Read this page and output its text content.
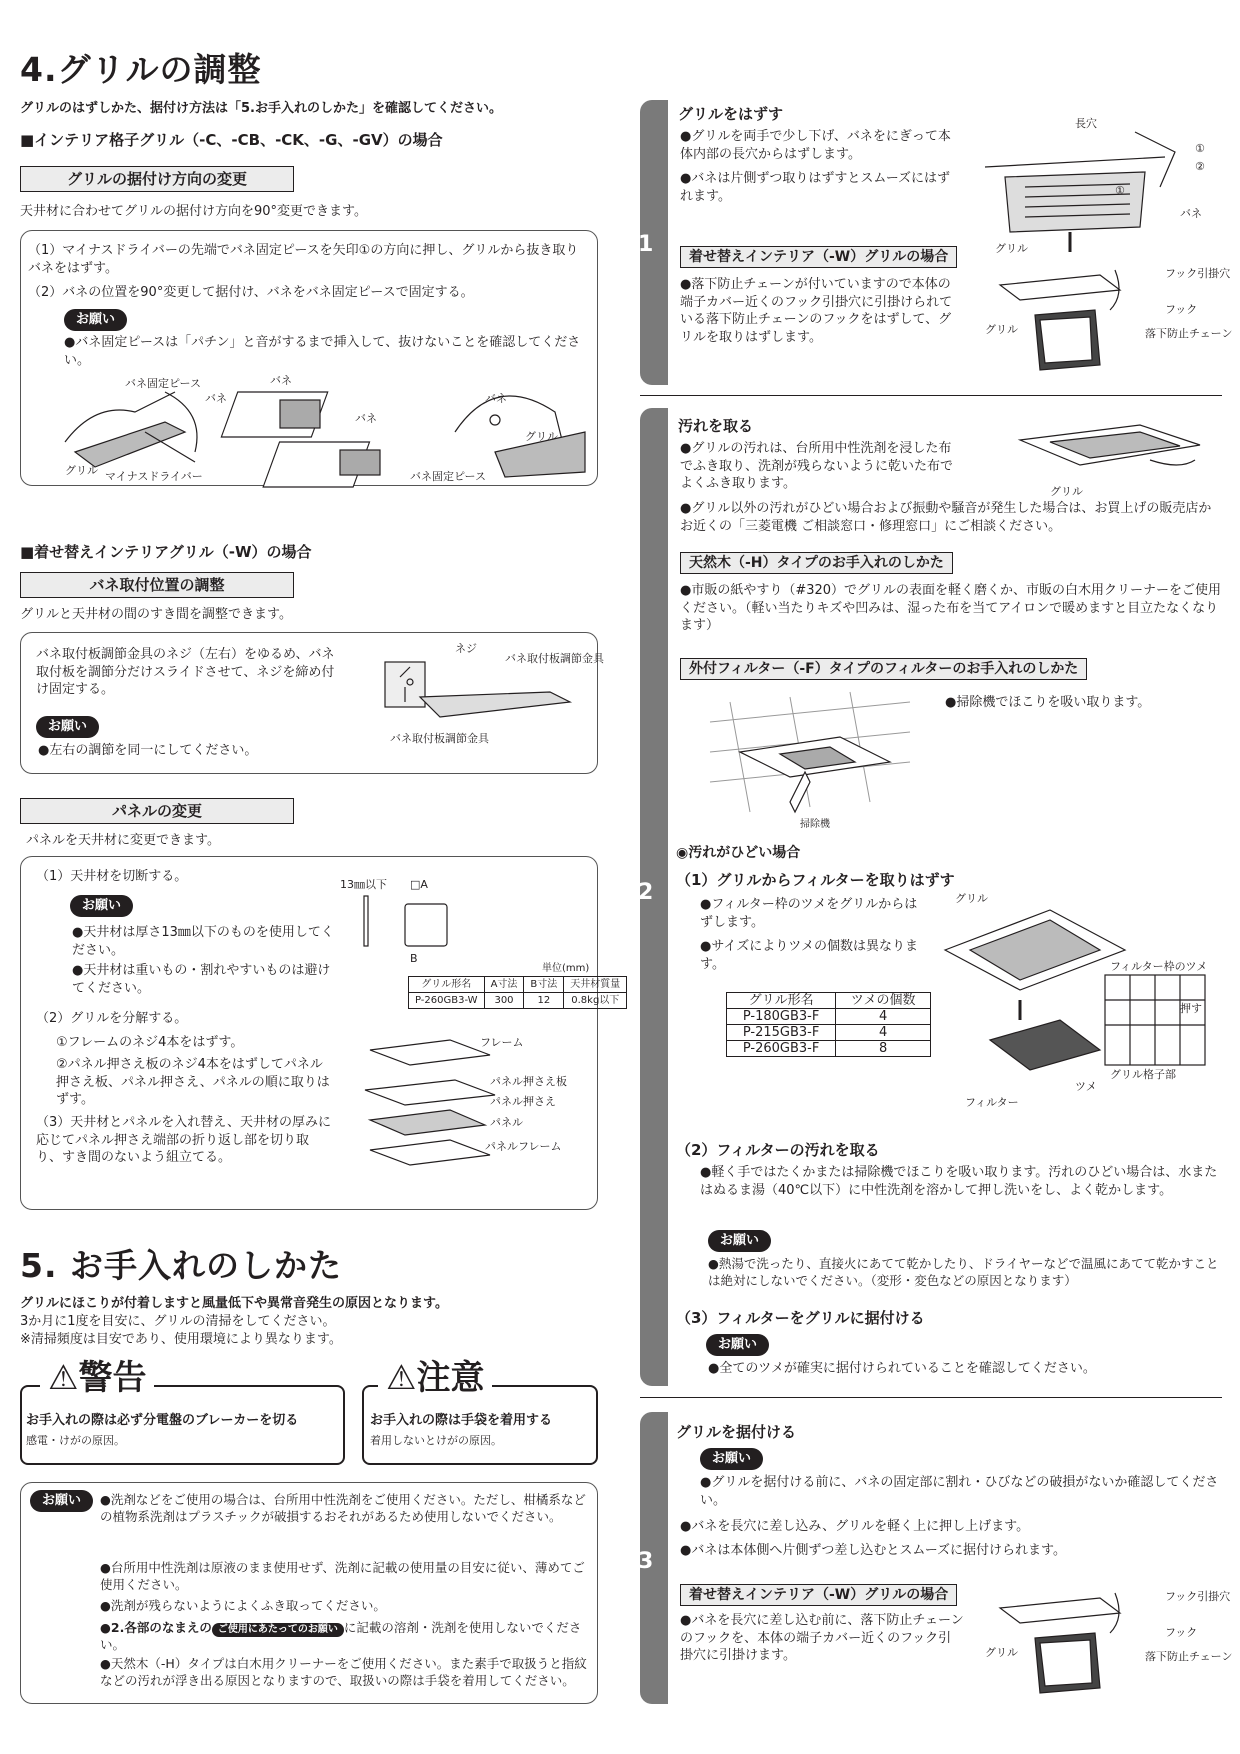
4.グリルの調整
グリルのはずしかた、据付け方法は「5.お手入れのしかた」を確認してください。
■インテリア格子グリル（-C、-CB、-CK、-G、-GV）の場合
グリルの据付け方向の変更
天井材に合わせてグリルの据付け方向を90°変更できます。
（1）マイナスドライバーの先端でバネ固定ピースを矢印①の方向に押し、グリルから抜き取りバネをはずす。
（2）バネの位置を90°変更して据付け、バネをバネ固定ピースで固定する。
お願い
●バネ固定ピースは「パチン」と音がするまで挿入して、抜けないことを確認してください。
バネ固定ピース
バネ
グリル マイナスドライバー
バネ
バネ
バネ
グリル
バネ固定ピース
■着せ替えインテリアグリル（-W）の場合
バネ取付位置の調整
グリルと天井材の間のすき間を調整できます。
バネ取付板調節金具のネジ（左右）をゆるめ、バネ取付板を調節分だけスライドさせて、ネジを締め付け固定する。
お願い
●左右の調節を同一にしてください。
ネジ
バネ取付板調節金具
バネ取付板調節金具
パネルの変更
パネルを天井材に変更できます。
（1）天井材を切断する。
お願い
●天井材は厚さ13㎜以下のものを使用してください。
●天井材は重いもの・割れやすいものは避けてください。
（2）グリルを分解する。
①フレームのネジ4本をはずす。
②パネル押さえ板のネジ4本をはずしてパネル押さえ板、パネル押さえ、パネルの順に取りはずす。
（3）天井材とパネルを入れ替え、天井材の厚みに応じてパネル押さえ端部の折り返し部を切り取り、すき間のないよう組立てる。
13㎜以下 □A
B
単位(mm)
グリル形名	A寸法	B寸法	天井材質量
P-260GB3-W	300	12	0.8kg以下
フレーム
パネル押さえ板
パネル押さえ
パネル
パネルフレーム
5. お手入れのしかた
グリルにほこりが付着しますと風量低下や異常音発生の原因となります。
3か月に1度を目安に、グリルの清掃をしてください。
※清掃頻度は目安であり、使用環境により異なります。
⚠警告
お手入れの際は必ず分電盤のブレーカーを切る
感電・けがの原因。
⚠注意
お手入れの際は手袋を着用する
着用しないとけがの原因。
お願い	●洗剤などをご使用の場合は、台所用中性洗剤をご使用ください。ただし、柑橘系などの植物系洗剤はプラスチックが破損するおそれがあるため使用しないでください。
●台所用中性洗剤は原液のまま使用せず、洗剤に記載の使用量の目安に従い、薄めてご使用ください。
●洗剤が残らないようによくふき取ってください。
●2.各部のなまえの ご使用にあたってのお願い に記載の溶剤・洗剤を使用しないでください。
●天然木（-H）タイプは白木用クリーナーをご使用ください。また素手で取扱うと指紋などの汚れが浮き出る原因となりますので、取扱いの際は手袋を着用してください。
1
グリルをはずす
●グリルを両手で少し下げ、バネをにぎって本体内部の長穴からはずします。
●バネは片側ずつ取りはずすとスムーズにはずれます。
長穴
①
②
①
バネ
グリル
着せ替えインテリア（-W）グリルの場合
●落下防止チェーンが付いていますので本体の端子カバー近くのフック引掛穴に引掛けられている落下防止チェーンのフックをはずして、グリルを取りはずします。
フック引掛穴
フック
グリル	落下防止チェーン
2
汚れを取る
●グリルの汚れは、台所用中性洗剤を浸した布でふき取り、洗剤が残らないように乾いた布でよくふき取ります。
グリル
●グリル以外の汚れがひどい場合および振動や騒音が発生した場合は、お買上げの販売店かお近くの「三菱電機 ご相談窓口・修理窓口」にご相談ください。
天然木（-H）タイプのお手入れのしかた
●市販の紙やすり（#320）でグリルの表面を軽く磨くか、市販の白木用クリーナーをご使用ください。（軽い当たりキズや凹みは、湿った布を当てアイロンで暖めますと目立たなくなります）
外付フィルター（-F）タイプのフィルターのお手入れのしかた
●掃除機でほこりを吸い取ります。
掃除機
◉汚れがひどい場合
（1）グリルからフィルターを取りはずす
●フィルター枠のツメをグリルからはずします。
●サイズによりツメの個数は異なります。
グリル形名	ツメの個数
P-180GB3-F	4
P-215GB3-F	4
P-260GB3-F	8
グリル
フィルター枠のツメ
押す
グリル格子部
ツメ
フィルター
（2）フィルターの汚れを取る
●軽く手ではたくかまたは掃除機でほこりを吸い取ります。汚れのひどい場合は、水またはぬるま湯（40℃以下）に中性洗剤を溶かして押し洗いをし、よく乾かします。
お願い
●熱湯で洗ったり、直接火にあてて乾かしたり、ドライヤーなどで温風にあてて乾かすことは絶対にしないでください。（変形・変色などの原因となります）
（3）フィルターをグリルに据付ける
お願い
●全てのツメが確実に据付けられていることを確認してください。
3
グリルを据付ける
お願い
●グリルを据付ける前に、バネの固定部に割れ・ひびなどの破損がないか確認してください。
●バネを長穴に差し込み、グリルを軽く上に押し上げます。
●バネは本体側へ片側ずつ差し込むとスムーズに据付けられます。
着せ替えインテリア（-W）グリルの場合
●バネを長穴に差し込む前に、落下防止チェーンのフックを、本体の端子カバー近くのフック引掛穴に引掛けます。
フック引掛穴
フック
グリル	落下防止チェーン
